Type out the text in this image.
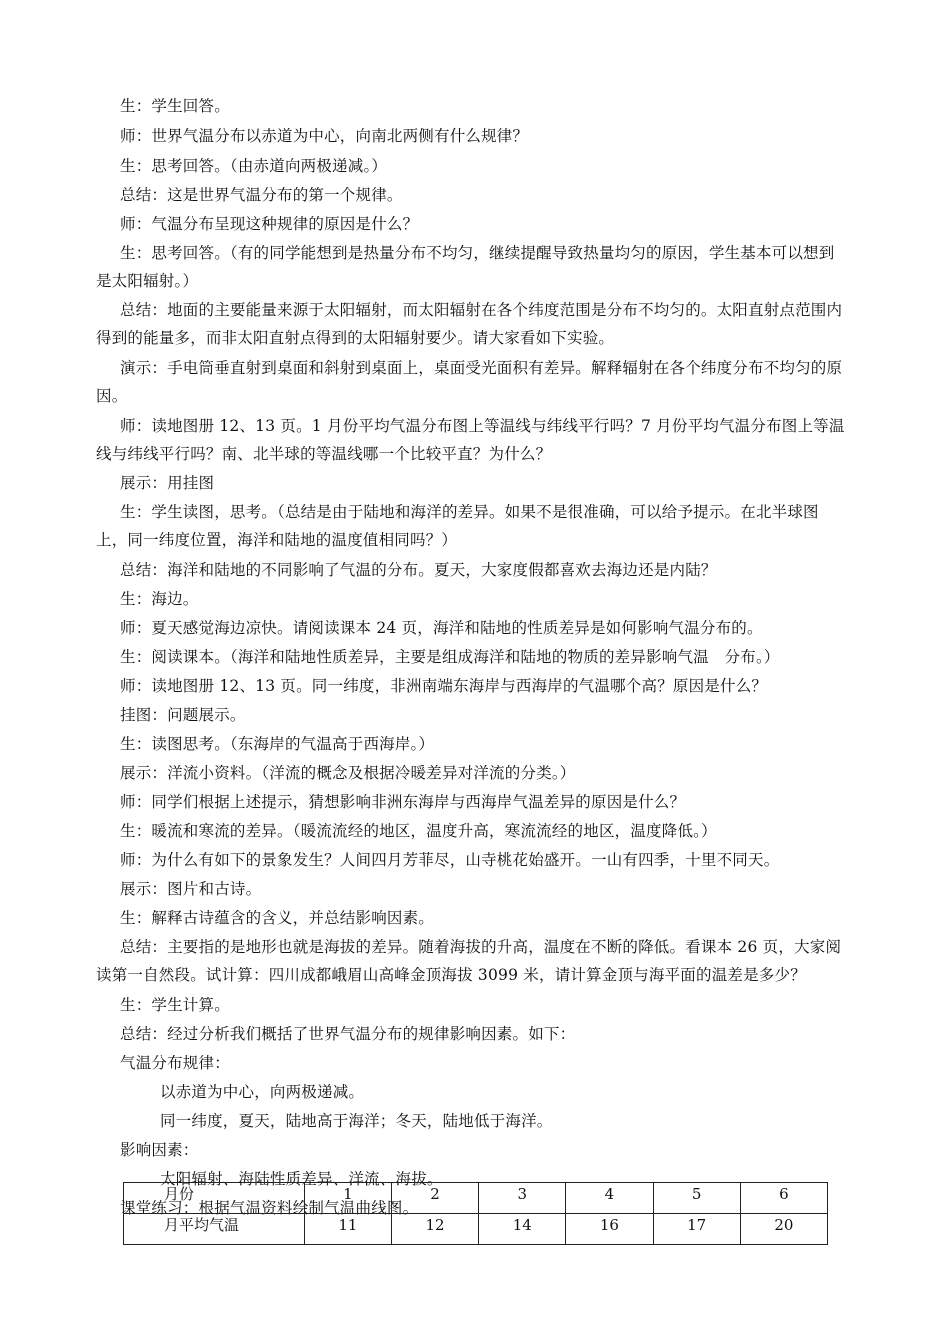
生：学生回答。
师：世界气温分布以赤道为中心，向南北两侧有什么规律？
生：思考回答。（由赤道向两极递减。）
总结：这是世界气温分布的第一个规律。
师：气温分布呈现这种规律的原因是什么？
生：思考回答。（有的同学能想到是热量分布不均匀，继续提醒导致热量均匀的原因，学生基本可以想到是太阳辐射。）
总结：地面的主要能量来源于太阳辐射，而太阳辐射在各个纬度范围是分布不均匀的。太阳直射点范围内得到的能量多，而非太阳直射点得到的太阳辐射要少。请大家看如下实验。
演示：手电筒垂直射到桌面和斜射到桌面上，桌面受光面积有差异。解释辐射在各个纬度分布不均匀的原因。
师：读地图册 12、13 页。1 月份平均气温分布图上等温线与纬线平行吗？7 月份平均气温分布图上等温线与纬线平行吗？南、北半球的等温线哪一个比较平直？为什么？
展示：用挂图
生：学生读图，思考。（总结是由于陆地和海洋的差异。如果不是很准确，可以给予提示。在北半球图上，同一纬度位置，海洋和陆地的温度值相同吗？）
总结：海洋和陆地的不同影响了气温的分布。夏天，大家度假都喜欢去海边还是内陆？
生：海边。
师：夏天感觉海边凉快。请阅读课本 24 页，海洋和陆地的性质差异是如何影响气温分布的。
生：阅读课本。（海洋和陆地性质差异，主要是组成海洋和陆地的物质的差异影响气温　分布。）
师：读地图册 12、13 页。同一纬度，非洲南端东海岸与西海岸的气温哪个高？原因是什么？
挂图：问题展示。
生：读图思考。（东海岸的气温高于西海岸。）
展示：洋流小资料。（洋流的概念及根据冷暖差异对洋流的分类。）
师：同学们根据上述提示，猜想影响非洲东海岸与西海岸气温差异的原因是什么？
生：暖流和寒流的差异。（暖流流经的地区，温度升高，寒流流经的地区，温度降低。）
师：为什么有如下的景象发生？人间四月芳菲尽，山寺桃花始盛开。一山有四季，十里不同天。
展示：图片和古诗。
生：解释古诗蕴含的含义，并总结影响因素。
总结：主要指的是地形也就是海拔的差异。随着海拔的升高，温度在不断的降低。看课本 26 页，大家阅读第一自然段。试计算：四川成都峨眉山高峰金顶海拔 3099 米，请计算金顶与海平面的温差是多少？
生：学生计算。
总结：经过分析我们概括了世界气温分布的规律影响因素。如下：
气温分布规律：
以赤道为中心，向两极递减。
同一纬度，夏天，陆地高于海洋；冬天，陆地低于海洋。
影响因素：
太阳辐射、海陆性质差异、洋流、海拔。
课堂练习：根据气温资料绘制气温曲线图。
月份	1	2	3	4	5	6
月平均气温	11	12	14	16	17	20
